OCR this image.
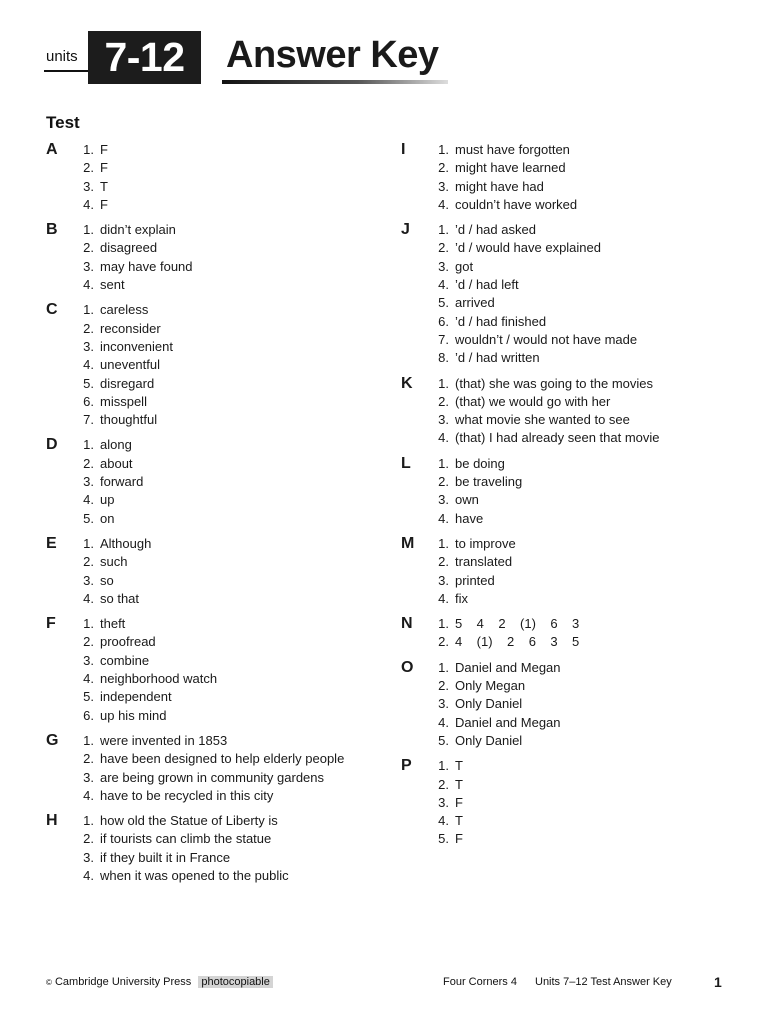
units 7-12	Answer Key
Test
A	1. F
2. F
3. T
4. F
B	1. didn’t explain
2. disagreed
3. may have found
4. sent
C	1. careless
2. reconsider
3. inconvenient
4. uneventful
5. disregard
6. misspell
7. thoughtful
D	1. along
2. about
3. forward
4. up
5. on
E	1. Although
2. such
3. so
4. so that
F	1. theft
2. proofread
3. combine
4. neighborhood watch
5. independent
6. up his mind
G	1. were invented in 1853
2. have been designed to help elderly people
3. are being grown in community gardens
4. have to be recycled in this city
H	1. how old the Statue of Liberty is
2. if tourists can climb the statue
3. if they built it in France
4. when it was opened to the public
I	1. must have forgotten
2. might have learned
3. might have had
4. couldn’t have worked
J	1. ’d / had asked
2. ’d / would have explained
3. got
4. ’d / had left
5. arrived
6. ’d / had finished
7. wouldn’t / would not have made
8. ’d / had written
K	1. (that) she was going to the movies
2. (that) we would go with her
3. what movie she wanted to see
4. (that) I had already seen that movie
L	1. be doing
2. be traveling
3. own
4. have
M	1. to improve
2. translated
3. printed
4. fix
N	1. 5    4    2    (1)    6    3
2. 4    (1)    2    6    3    5
O	1. Daniel and Megan
2. Only Megan
3. Only Daniel
4. Daniel and Megan
5. Only Daniel
P	1. T
2. T
3. F
4. T
5. F
© Cambridge University Press photocopiable	Four Corners 4 Units 7–12 Test Answer Key	1
